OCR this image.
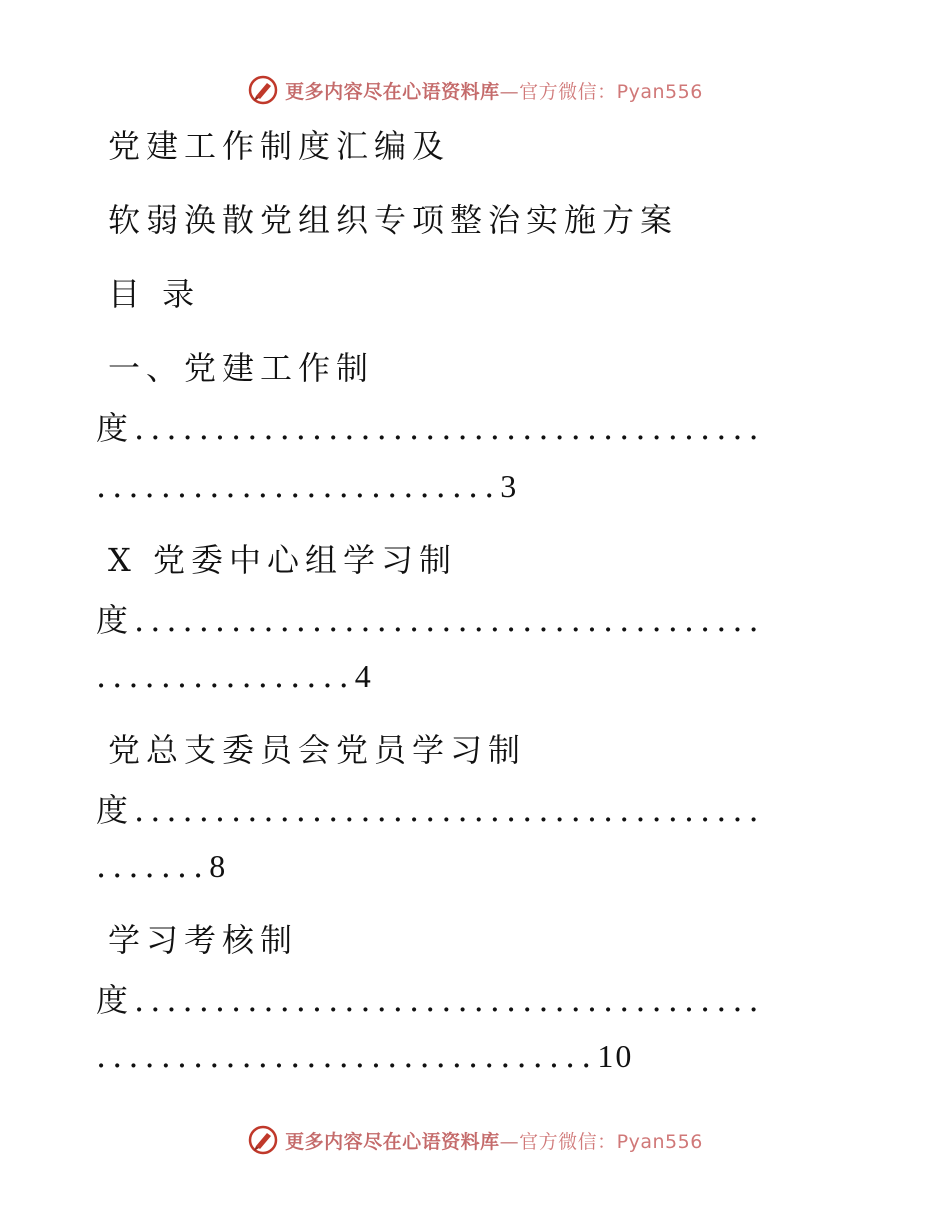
更多内容尽在心语资料库—官方微信：Pyan556
党建工作制度汇编及
软弱涣散党组织专项整治实施方案
目 录
一、党建工作制
度.......................................
.........................3
X 党委中心组学习制
度.......................................
................4
党总支委员会党员学习制
度.......................................
.......8
学习考核制
度.......................................
...............................10
更多内容尽在心语资料库—官方微信：Pyan556
